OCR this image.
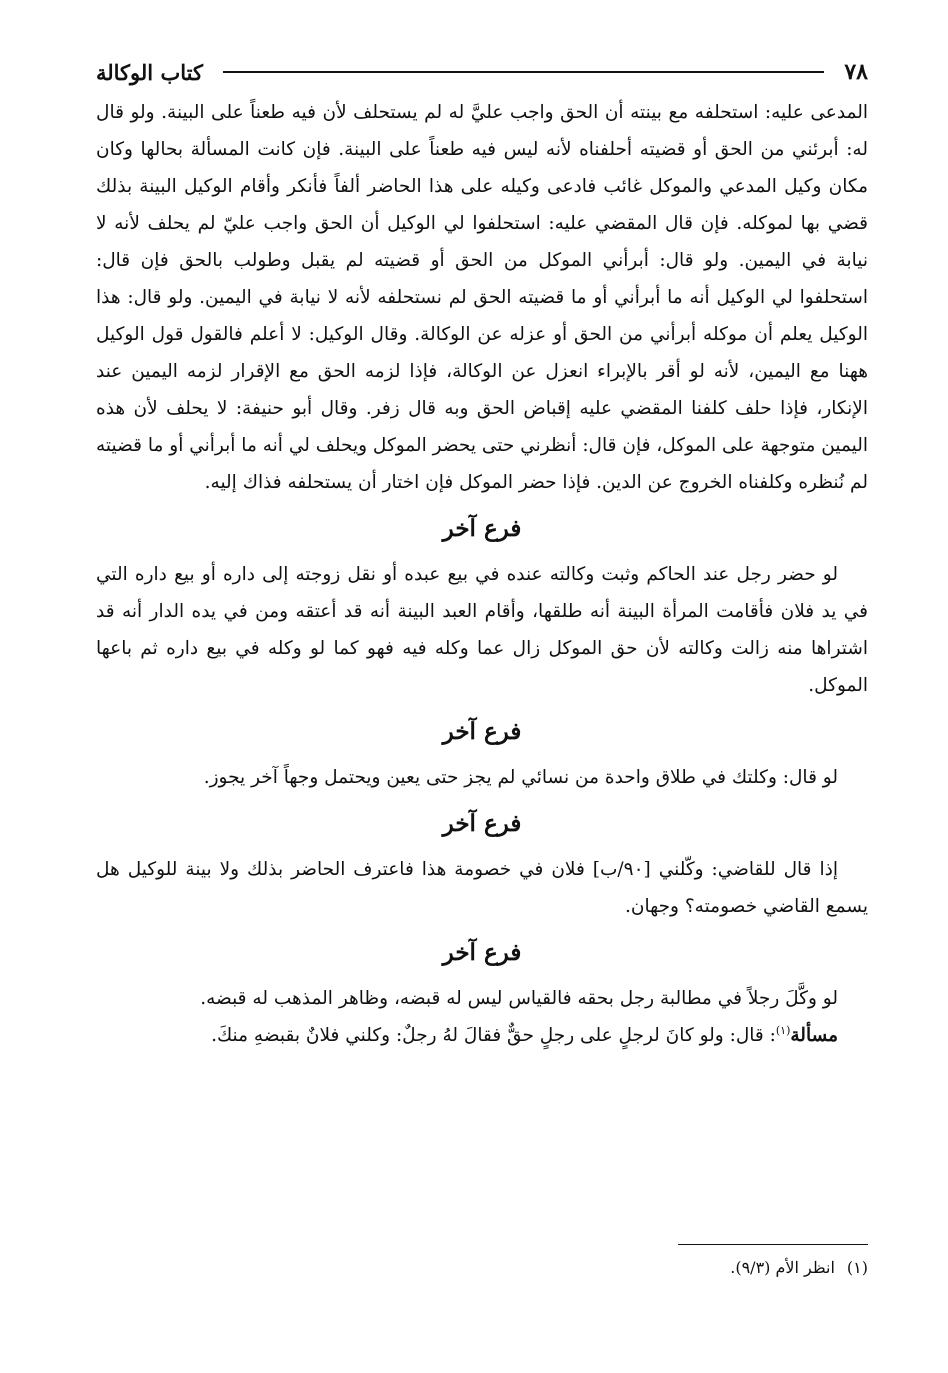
٧٨
كتاب الوكالة

المدعى عليه: استحلفه مع بينته أن الحق واجب عليَّ له لم يستحلف لأن فيه طعناً على البينة. ولو قال له: أبرئني من الحق أو قضيته أحلفناه لأنه ليس فيه طعناً على البينة. فإن كانت المسألة بحالها وكان مكان وكيل المدعي والموكل غائب فادعى وكيله على هذا الحاضر ألفاً فأنكر وأقام الوكيل البينة بذلك قضي بها لموكله. فإن قال المقضي عليه: استحلفوا لي الوكيل أن الحق واجب عليّ لم يحلف لأنه لا نيابة في اليمين. ولو قال: أبرأني الموكل من الحق أو قضيته لم يقبل وطولب بالحق فإن قال: استحلفوا لي الوكيل أنه ما أبرأني أو ما قضيته الحق لم نستحلفه لأنه لا نيابة في اليمين. ولو قال: هذا الوكيل يعلم أن موكله أبرأني من الحق أو عزله عن الوكالة. وقال الوكيل: لا أعلم فالقول قول الوكيل ههنا مع اليمين، لأنه لو أقر بالإبراء انعزل عن الوكالة، فإذا لزمه الحق مع الإقرار لزمه اليمين عند الإنكار، فإذا حلف كلفنا المقضي عليه إقباض الحق وبه قال زفر. وقال أبو حنيفة: لا يحلف لأن هذه اليمين متوجهة على الموكل، فإن قال: أنظرني حتى يحضر الموكل ويحلف لي أنه ما أبرأني أو ما قضيته لم نُنظره وكلفناه الخروج عن الدين. فإذا حضر الموكل فإن اختار أن يستحلفه فذاك إليه.

فرع آخر

لو حضر رجل عند الحاكم وثبت وكالته عنده في بيع عبده أو نقل زوجته إلى داره أو بيع داره التي في يد فلان فأقامت المرأة البينة أنه طلقها، وأقام العبد البينة أنه قد أعتقه ومن في يده الدار أنه قد اشتراها منه زالت وكالته لأن حق الموكل زال عما وكله فيه فهو كما لو وكله في بيع داره ثم باعها الموكل.

فرع آخر

لو قال: وكلتك في طلاق واحدة من نسائي لم يجز حتى يعين ويحتمل وجهاً آخر يجوز.

فرع آخر

إذا قال للقاضي: وكّلني [٩٠/ب] فلان في خصومة هذا فاعترف الحاضر بذلك ولا بينة للوكيل هل يسمع القاضي خصومته؟ وجهان.

فرع آخر

لو وكَّلَ رجلاً في مطالبة رجل بحقه فالقياس ليس له قبضه، وظاهر المذهب له قبضه.

مسألة$^{(١)}$: قال: ولو كانَ لرجلٍ على رجلٍ حقٌّ فقالَ لهُ رجلٌ: وكلني فلانٌ بقبضهِ منكَ.

(١)انظر الأم (٩/٣).
